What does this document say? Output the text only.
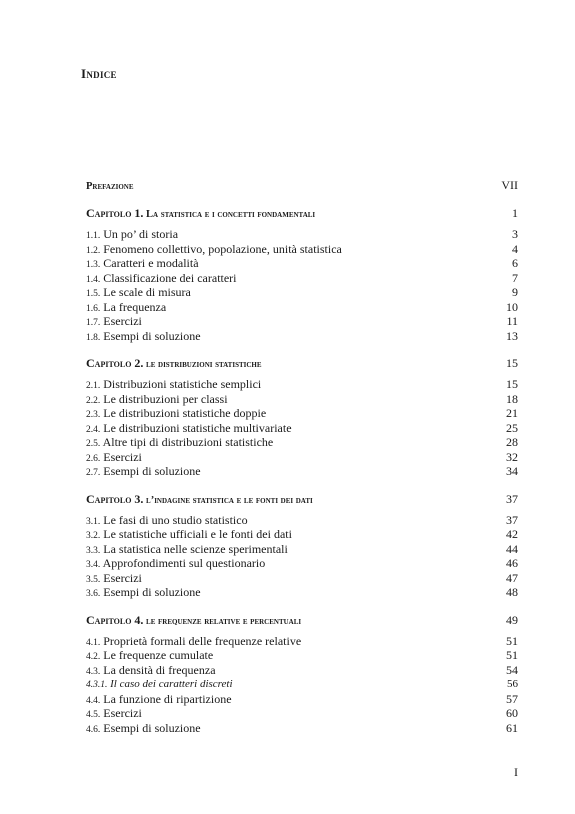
Indice
Prefazione	VII
Capitolo 1. La statistica e i concetti fondamentali	1
1.1. Un po’ di storia	3
1.2. Fenomeno collettivo, popolazione, unità statistica	4
1.3. Caratteri e modalità	6
1.4. Classificazione dei caratteri	7
1.5. Le scale di misura	9
1.6. La frequenza	10
1.7. Esercizi	11
1.8. Esempi di soluzione	13
Capitolo 2. le distribuzioni statistiche	15
2.1. Distribuzioni statistiche semplici	15
2.2. Le distribuzioni per classi	18
2.3. Le distribuzioni statistiche doppie	21
2.4. Le distribuzioni statistiche multivariate	25
2.5. Altre tipi di distribuzioni statistiche	28
2.6. Esercizi	32
2.7. Esempi di soluzione	34
Capitolo 3. l’indagine statistica e le fonti dei dati	37
3.1. Le fasi di uno studio statistico	37
3.2. Le statistiche ufficiali e le fonti dei dati	42
3.3. La statistica nelle scienze sperimentali	44
3.4. Approfondimenti sul questionario	46
3.5. Esercizi	47
3.6. Esempi di soluzione	48
Capitolo 4. le frequenze relative e percentuali	49
4.1. Proprietà formali delle frequenze relative	51
4.2. Le frequenze cumulate	51
4.3. La densità di frequenza	54
4.3.1. Il caso dei caratteri discreti	56
4.4. La funzione di ripartizione	57
4.5. Esercizi	60
4.6. Esempi di soluzione	61
I
